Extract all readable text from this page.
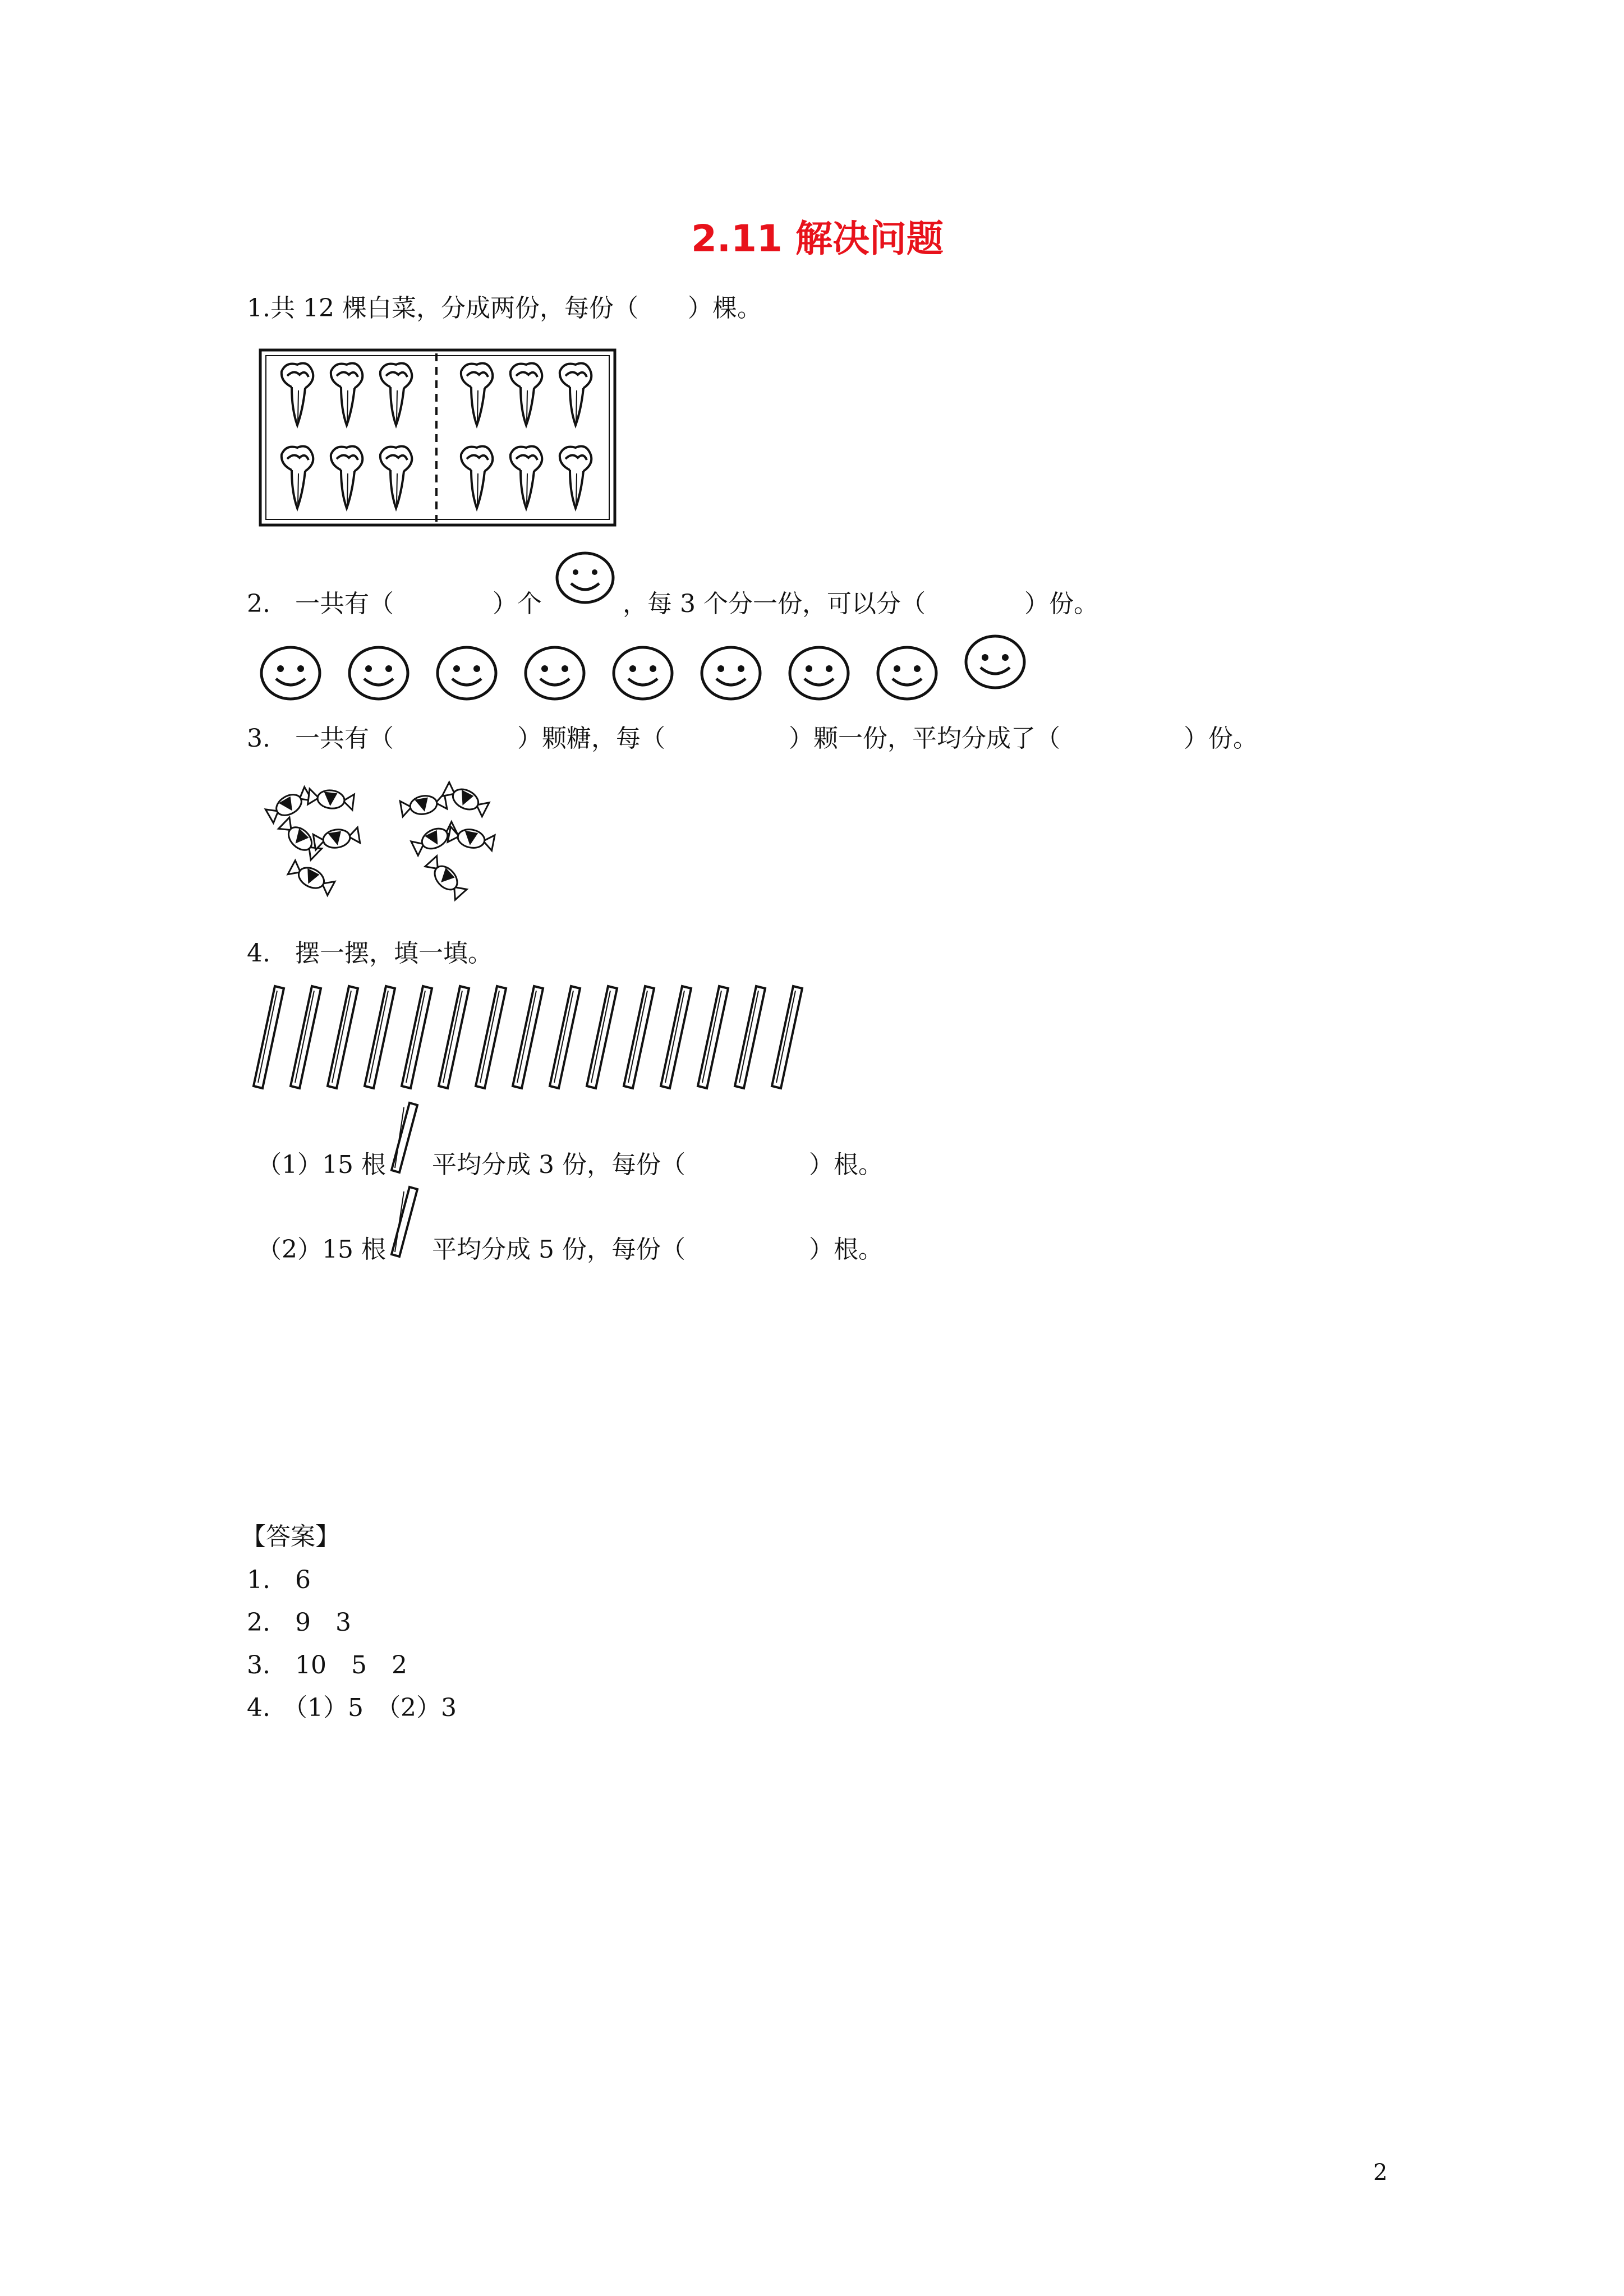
2.11 解决问题
1.共 12 棵白菜，分成两份，每份（　　）棵。
2.　一共有（　　　　）个	，每 3 个分一份，可以分（　　　　）份。
3.　一共有（　　　　　）颗糖，每（　　　　　）颗一份，平均分成了（　　　　　）份。
4.　摆一摆，填一填。
（1）15 根 平均分成 3 份，每份（　　　　　）根。
（2）15 根 平均分成 5 份，每份（　　　　　）根。
【答案】
1.　6
2.　9　3
3.　10　5　2
4.　（1）5　（2）3
2
